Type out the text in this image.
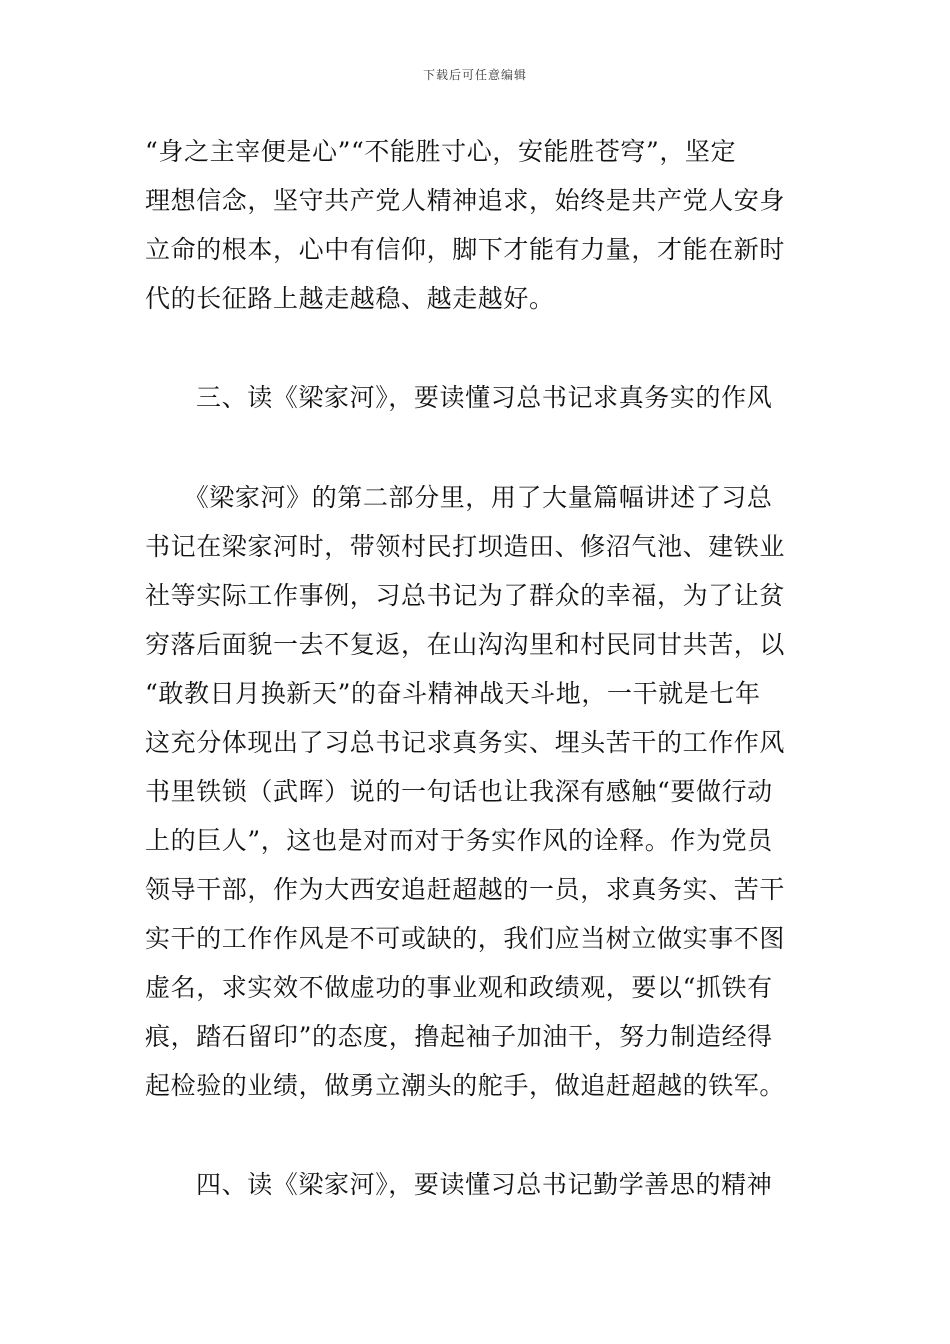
下载后可任意编辑
“身之主宰便是心”“不能胜寸心，安能胜苍穹”，坚定
理想信念，坚守共产党人精神追求，始终是共产党人安身
立命的根本，心中有信仰，脚下才能有力量，才能在新时
代的长征路上越走越稳、越走越好。
三、读《梁家河》，要读懂习总书记求真务实的作风
　　《梁家河》的第二部分里，用了大量篇幅讲述了习总
书记在梁家河时，带领村民打坝造田、修沼气池、建铁业
社等实际工作事例，习总书记为了群众的幸福，为了让贫
穷落后面貌一去不复返，在山沟沟里和村民同甘共苦，以
“敢教日月换新天”的奋斗精神战天斗地，一干就是七年
这充分体现出了习总书记求真务实、埋头苦干的工作作风
书里铁锁（武晖）说的一句话也让我深有感触“要做行动
上的巨人”，这也是对而对于务实作风的诠释。作为党员
领导干部，作为大西安追赶超越的一员，求真务实、苦干
实干的工作作风是不可或缺的，我们应当树立做实事不图
虚名，求实效不做虚功的事业观和政绩观，要以“抓铁有
痕，踏石留印”的态度，撸起袖子加油干，努力制造经得
起检验的业绩，做勇立潮头的舵手，做追赶超越的铁军。
四、读《梁家河》，要读懂习总书记勤学善思的精神
